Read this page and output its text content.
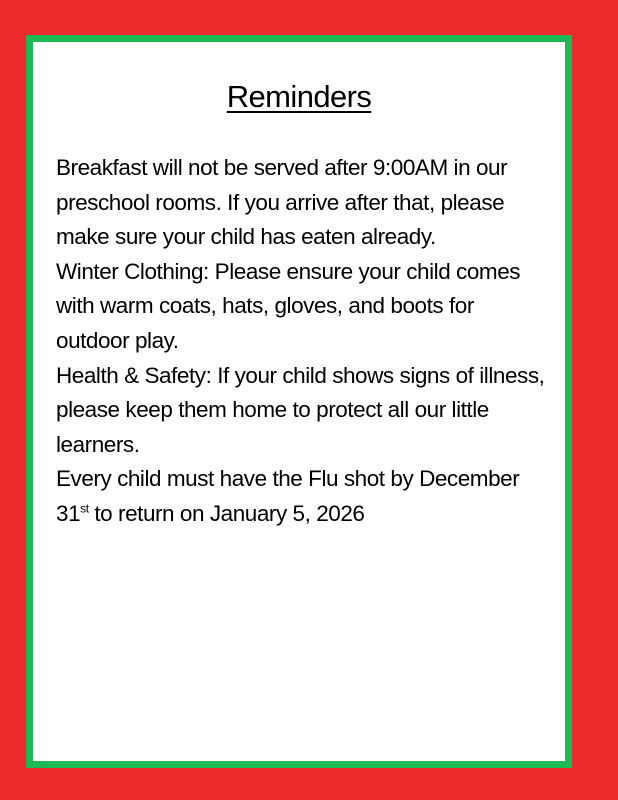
Reminders

Breakfast will not be served after 9:00AM in our preschool rooms. If you arrive after that, please make sure your child has eaten already.

Winter Clothing: Please ensure your child comes with warm coats, hats, gloves, and boots for outdoor play.

Health & Safety: If your child shows signs of illness, please keep them home to protect all our little learners.

Every child must have the Flu shot by December 31st to return on January 5, 2026
